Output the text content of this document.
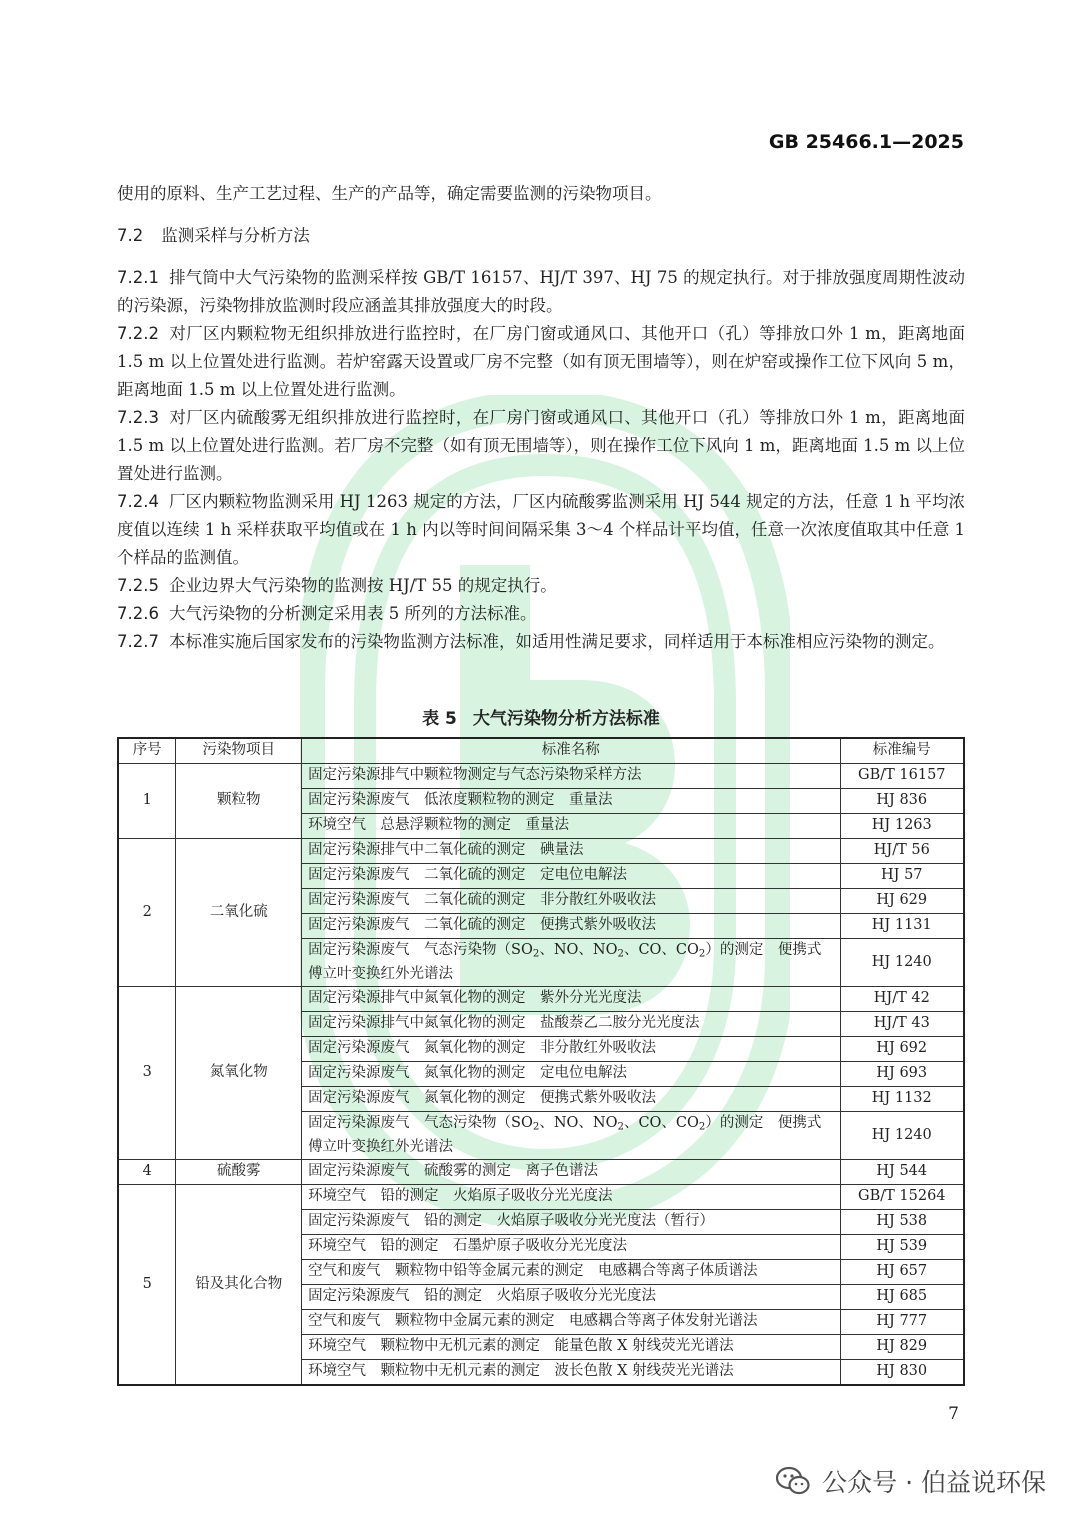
GB 25466.1—2025

使用的原料、生产工艺过程、生产的产品等，确定需要监测的污染物项目。

7.2 监测采样与分析方法

7.2.1 排气筒中大气污染物的监测采样按 GB/T 16157、HJ/T 397、HJ 75 的规定执行。对于排放强度周期性波动的污染源，污染物排放监测时段应涵盖其排放强度大的时段。

7.2.2 对厂区内颗粒物无组织排放进行监控时，在厂房门窗或通风口、其他开口（孔）等排放口外 1 m，距离地面 1.5 m 以上位置处进行监测。若炉窑露天设置或厂房不完整（如有顶无围墙等），则在炉窑或操作工位下风向 5 m，距离地面 1.5 m 以上位置处进行监测。

7.2.3 对厂区内硫酸雾无组织排放进行监控时，在厂房门窗或通风口、其他开口（孔）等排放口外 1 m，距离地面 1.5 m 以上位置处进行监测。若厂房不完整（如有顶无围墙等），则在操作工位下风向 1 m，距离地面 1.5 m 以上位置处进行监测。

7.2.4 厂区内颗粒物监测采用 HJ 1263 规定的方法，厂区内硫酸雾监测采用 HJ 544 规定的方法，任意 1 h 平均浓度值以连续 1 h 采样获取平均值或在 1 h 内以等时间间隔采集 3～4 个样品计平均值，任意一次浓度值取其中任意 1 个样品的监测值。

7.2.5 企业边界大气污染物的监测按 HJ/T 55 的规定执行。

7.2.6 大气污染物的分析测定采用表 5 所列的方法标准。

7.2.7 本标准实施后国家发布的污染物监测方法标准，如适用性满足要求，同样适用于本标准相应污染物的测定。

表 5 大气污染物分析方法标准
序号	污染物项目	标准名称	标准编号
1	颗粒物	固定污染源排气中颗粒物测定与气态污染物采样方法	GB/T 16157
		固定污染源废气　低浓度颗粒物的测定　重量法	HJ 836
		环境空气　总悬浮颗粒物的测定　重量法	HJ 1263
2	二氧化硫	固定污染源排气中二氧化硫的测定　碘量法	HJ/T 56
		固定污染源废气　二氧化硫的测定　定电位电解法	HJ 57
		固定污染源废气　二氧化硫的测定　非分散红外吸收法	HJ 629
		固定污染源废气　二氧化硫的测定　便携式紫外吸收法	HJ 1131
		固定污染源废气　气态污染物（$SO_2$、NO、$NO_2$、CO、$CO_2$）的测定　便携式傅立叶变换红外光谱法	HJ 1240
3	氮氧化物	固定污染源排气中氮氧化物的测定　紫外分光光度法	HJ/T 42
		固定污染源排气中氮氧化物的测定　盐酸萘乙二胺分光光度法	HJ/T 43
		固定污染源废气　氮氧化物的测定　非分散红外吸收法	HJ 692
		固定污染源废气　氮氧化物的测定　定电位电解法	HJ 693
		固定污染源废气　氮氧化物的测定　便携式紫外吸收法	HJ 1132
		固定污染源废气　气态污染物（$SO_2$、NO、$NO_2$、CO、$CO_2$）的测定　便携式傅立叶变换红外光谱法	HJ 1240
4	硫酸雾	固定污染源废气　硫酸雾的测定　离子色谱法	HJ 544
5	铅及其化合物	环境空气　铅的测定　火焰原子吸收分光光度法	GB/T 15264
		固定污染源废气　铅的测定　火焰原子吸收分光光度法（暂行）	HJ 538
		环境空气　铅的测定　石墨炉原子吸收分光光度法	HJ 539
		空气和废气　颗粒物中铅等金属元素的测定　电感耦合等离子体质谱法	HJ 657
		固定污染源废气　铅的测定　火焰原子吸收分光光度法	HJ 685
		空气和废气　颗粒物中金属元素的测定　电感耦合等离子体发射光谱法	HJ 777
		环境空气　颗粒物中无机元素的测定　能量色散 X 射线荧光光谱法	HJ 829
		环境空气　颗粒物中无机元素的测定　波长色散 X 射线荧光光谱法	HJ 830
7
公众号 · 伯益说环保
